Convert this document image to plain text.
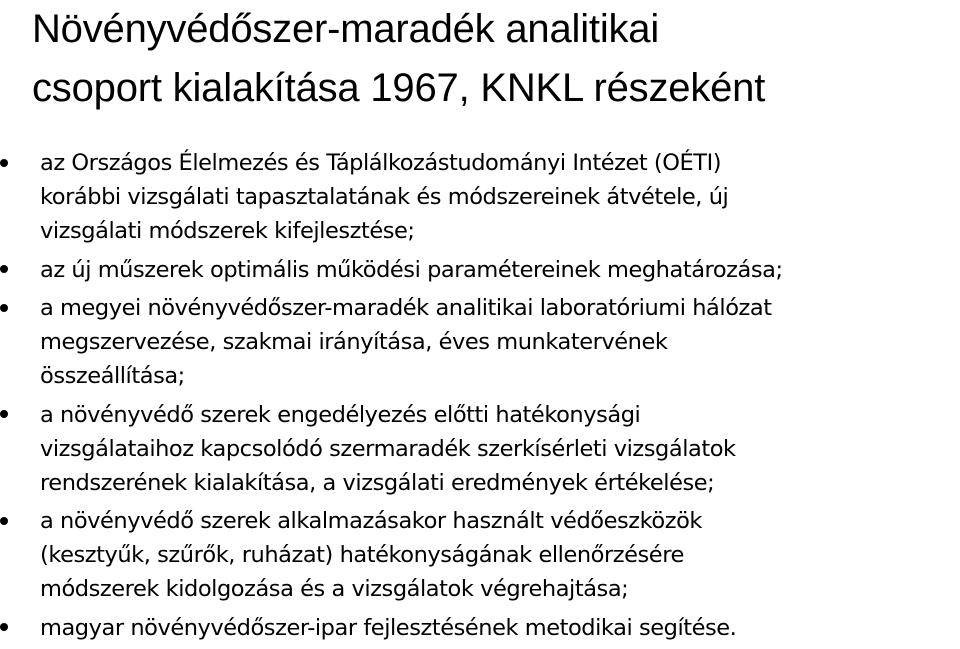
Növényvédőszer-maradék analitikai
csoport kialakítása 1967, KNKL részeként
az Országos Élelmezés és Táplálkozástudományi Intézet (OÉTI)
korábbi vizsgálati tapasztalatának és módszereinek átvétele, új
vizsgálati módszerek kifejlesztése;
az új műszerek optimális működési paramétereinek meghatározása;
a megyei növényvédőszer-maradék analitikai laboratóriumi hálózat
megszervezése, szakmai irányítása, éves munkatervének
összeállítása;
a növényvédő szerek engedélyezés előtti hatékonysági
vizsgálataihoz kapcsolódó szermaradék szerkísérleti vizsgálatok
rendszerének kialakítása, a vizsgálati eredmények értékelése;
a növényvédő szerek alkalmazásakor használt védőeszközök
(kesztyűk, szűrők, ruházat) hatékonyságának ellenőrzésére
módszerek kidolgozása és a vizsgálatok végrehajtása;
magyar növényvédőszer-ipar fejlesztésének metodikai segítése.
